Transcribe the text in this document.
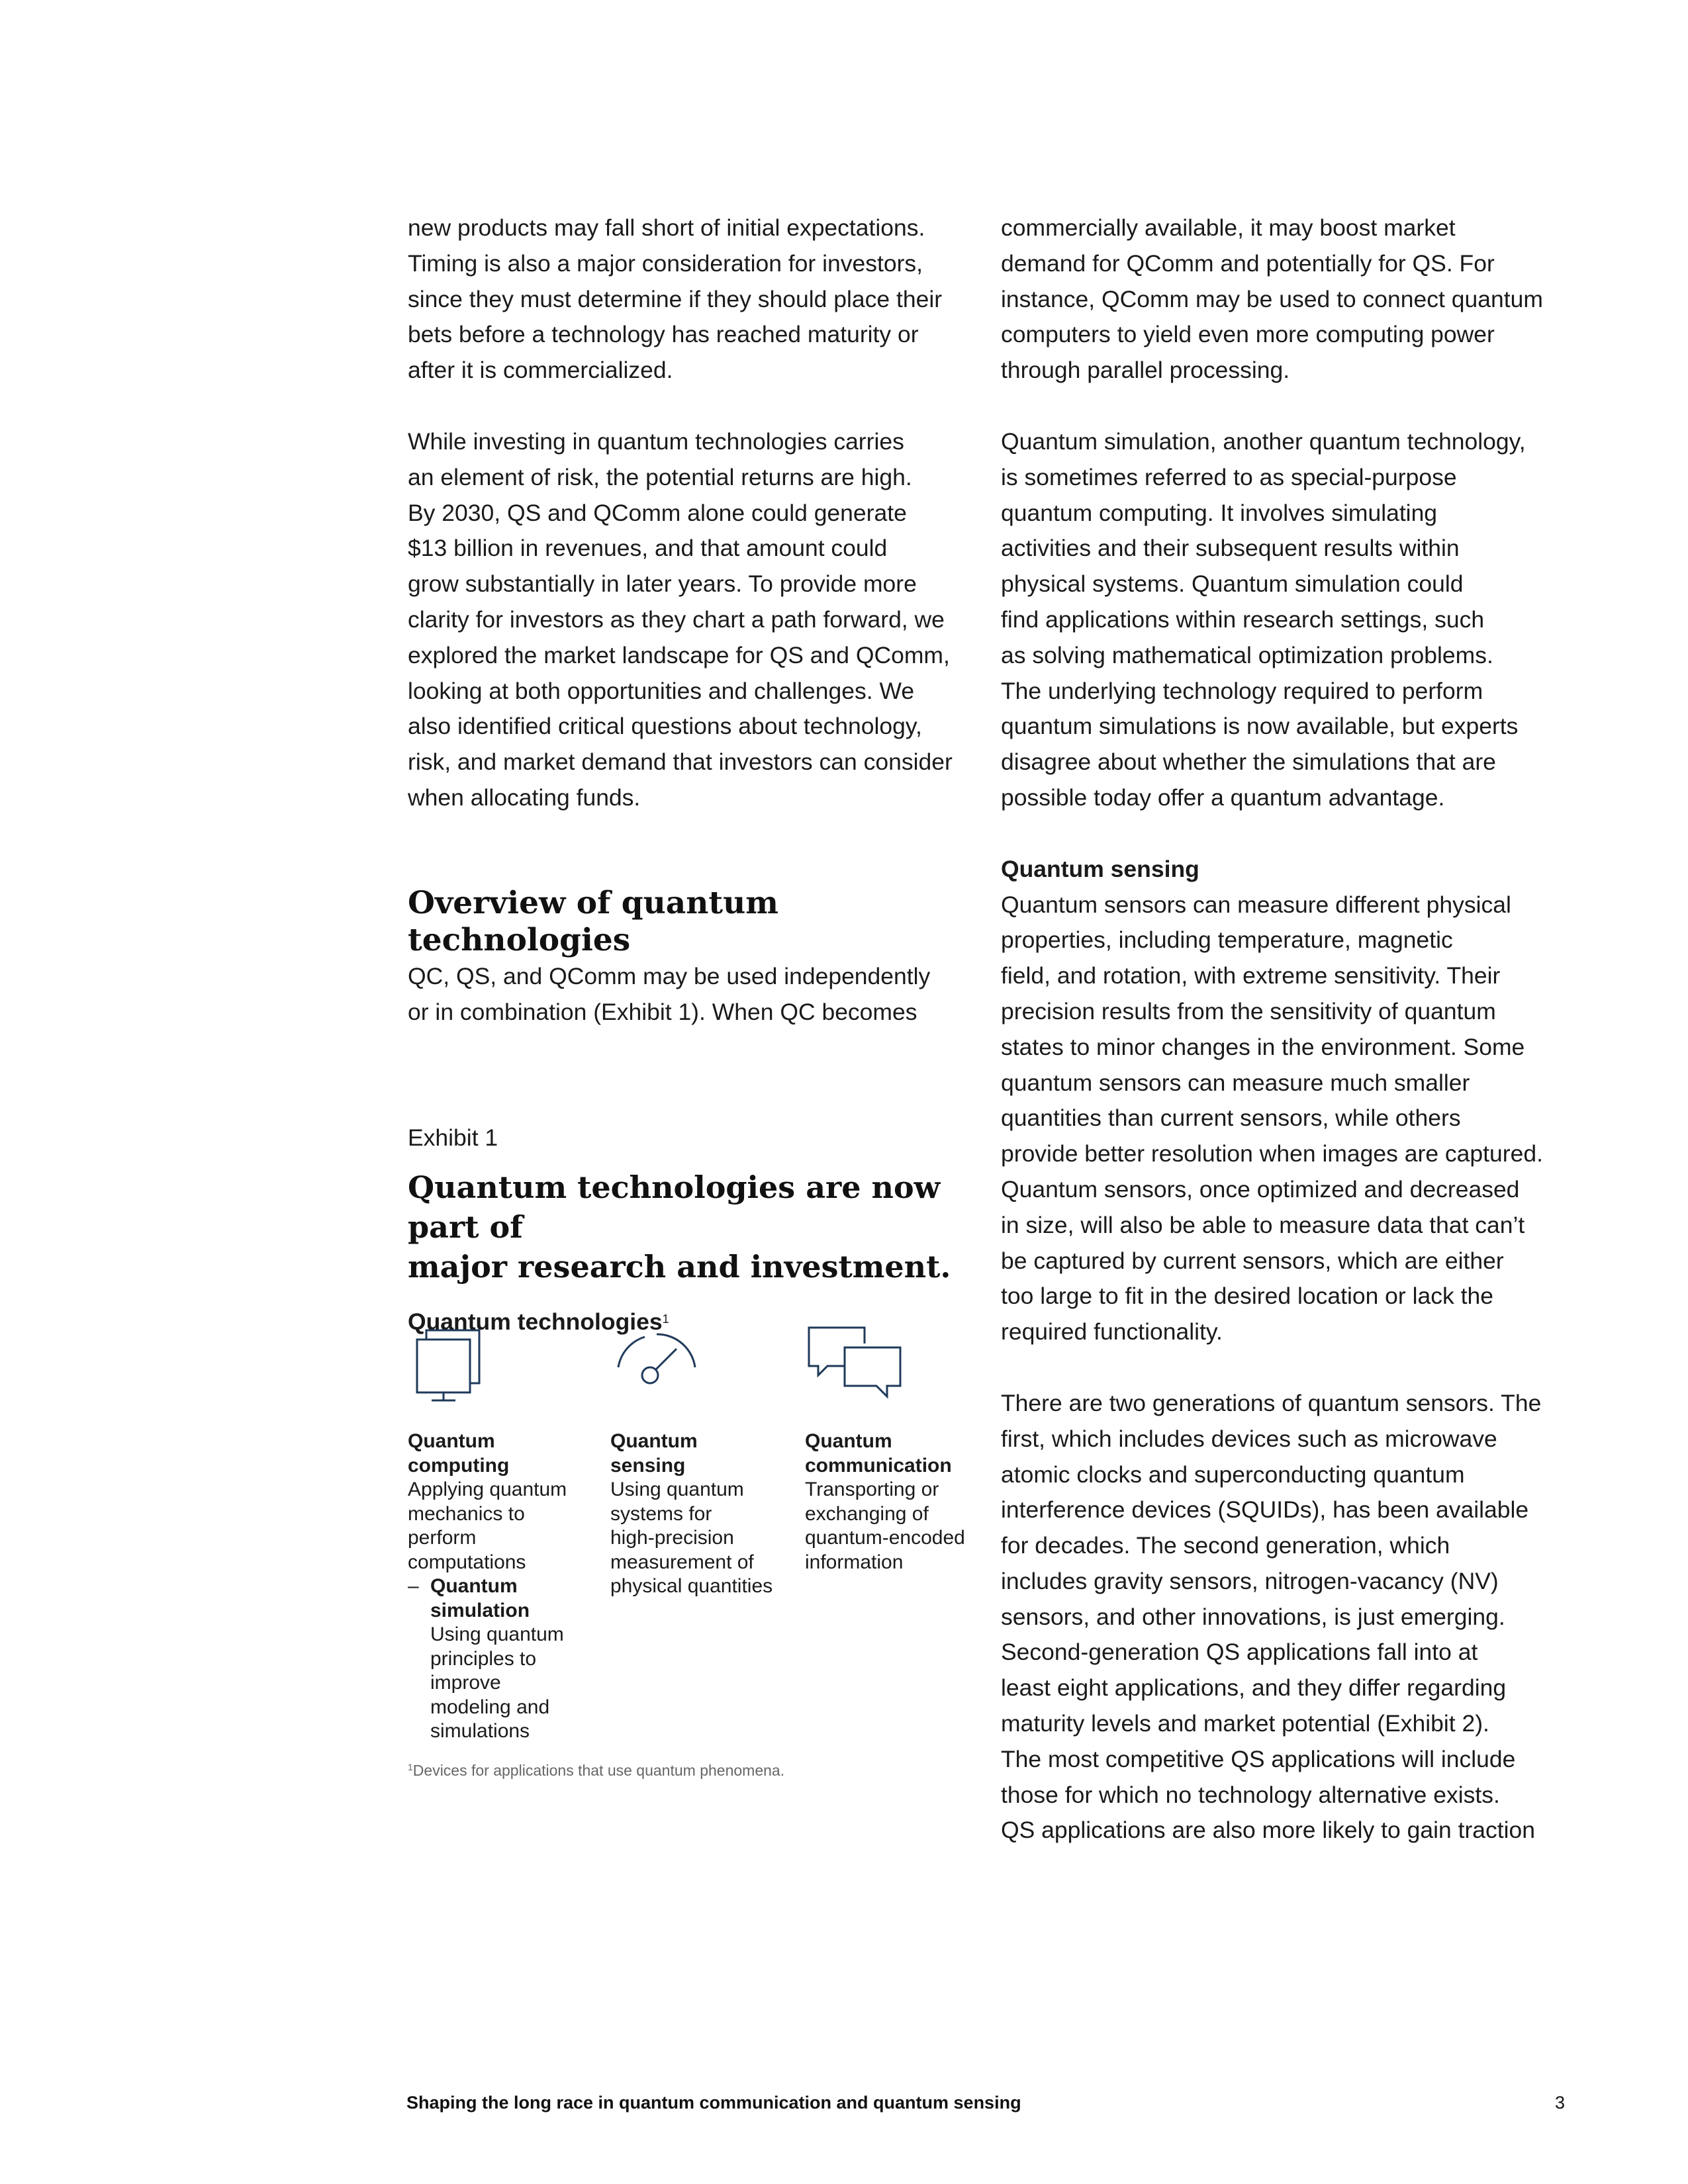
new products may fall short of initial expectations.
Timing is also a major consideration for investors,
since they must determine if they should place their
bets before a technology has reached maturity or
after it is commercialized.

While investing in quantum technologies carries
an element of risk, the potential returns are high.
By 2030, QS and QComm alone could generate
$13 billion in revenues, and that amount could
grow substantially in later years. To provide more
clarity for investors as they chart a path forward, we
explored the market landscape for QS and QComm,
looking at both opportunities and challenges. We
also identified critical questions about technology,
risk, and market demand that investors can consider
when allocating funds.

Overview of quantum technologies

QC, QS, and QComm may be used independently
or in combination (Exhibit 1). When QC becomes

Exhibit 1

Quantum technologies are now part of
major research and investment.

Quantum technologies$^1$

Quantum
computing

Applying quantum
mechanics to
perform
computations

– Quantum
simulation

Using quantum
principles to
improve
modeling and
simulations

Quantum
sensing

Using quantum
systems for
high-precision
measurement of
physical quantities

Quantum
communication

Transporting or
exchanging of
quantum-encoded
information

$^1$Devices for applications that use quantum phenomena.

commercially available, it may boost market
demand for QComm and potentially for QS. For
instance, QComm may be used to connect quantum
computers to yield even more computing power
through parallel processing.

Quantum simulation, another quantum technology,
is sometimes referred to as special-purpose
quantum computing. It involves simulating
activities and their subsequent results within
physical systems. Quantum simulation could
find applications within research settings, such
as solving mathematical optimization problems.
The underlying technology required to perform
quantum simulations is now available, but experts
disagree about whether the simulations that are
possible today offer a quantum advantage.

Quantum sensing

Quantum sensors can measure different physical
properties, including temperature, magnetic
field, and rotation, with extreme sensitivity. Their
precision results from the sensitivity of quantum
states to minor changes in the environment. Some
quantum sensors can measure much smaller
quantities than current sensors, while others
provide better resolution when images are captured.
Quantum sensors, once optimized and decreased
in size, will also be able to measure data that can’t
be captured by current sensors, which are either
too large to fit in the desired location or lack the
required functionality.

There are two generations of quantum sensors. The
first, which includes devices such as microwave
atomic clocks and superconducting quantum
interference devices (SQUIDs), has been available
for decades. The second generation, which
includes gravity sensors, nitrogen-vacancy (NV)
sensors, and other innovations, is just emerging.
Second-generation QS applications fall into at
least eight applications, and they differ regarding
maturity levels and market potential (Exhibit 2).
The most competitive QS applications will include
those for which no technology alternative exists.
QS applications are also more likely to gain traction

Shaping the long race in quantum communication and quantum sensing	3
